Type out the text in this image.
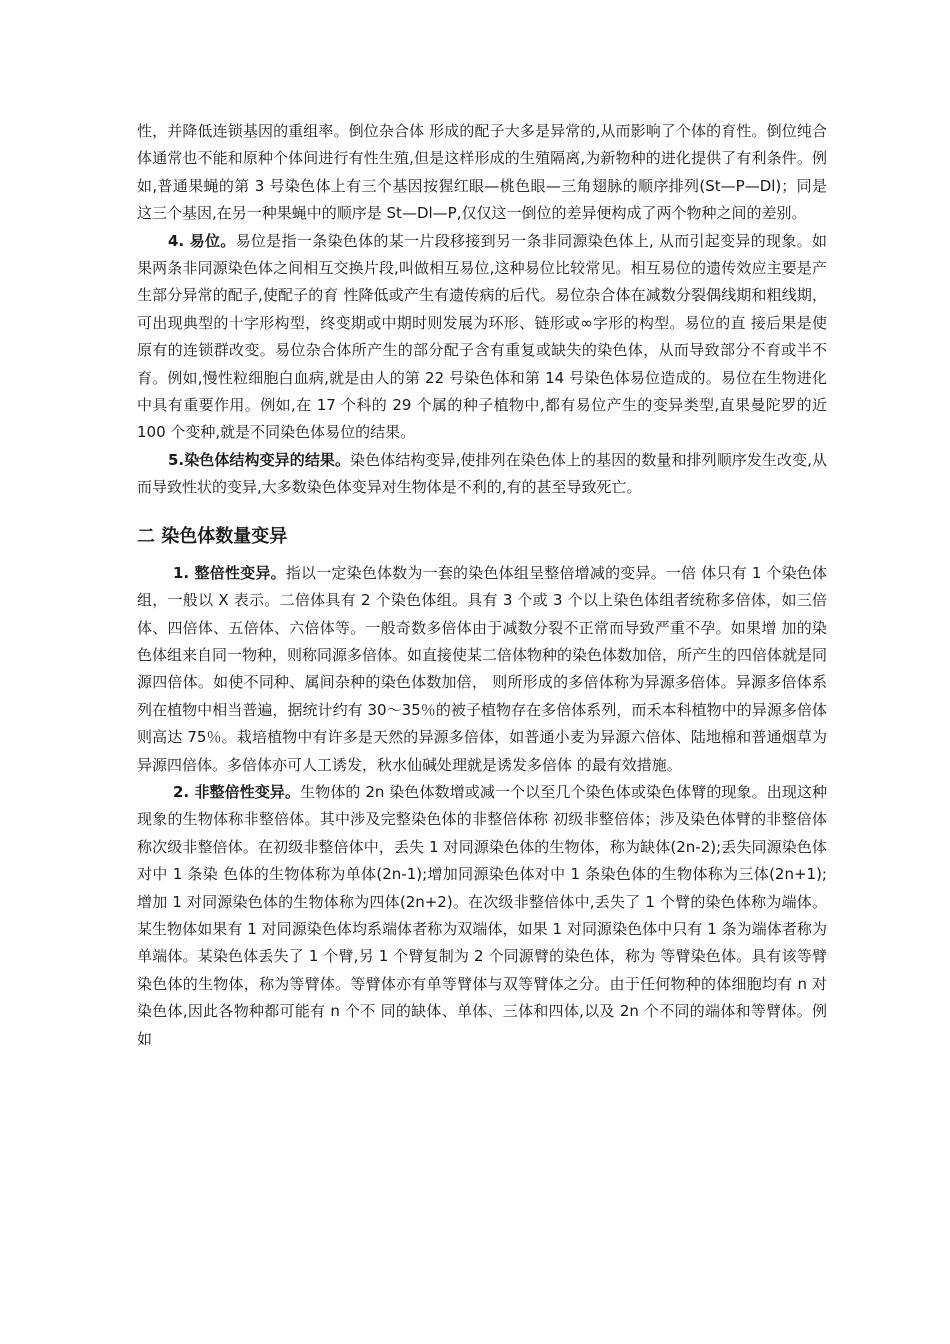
性，并降低连锁基因的重组率。倒位杂合体 形成的配子大多是异常的,从而影响了个体的育性。倒位纯合体通常也不能和原种个体间进行有性生殖,但是这样形成的生殖隔离,为新物种的进化提供了有利条件。例如,普通果蝇的第 3 号染色体上有三个基因按猩红眼—桃色眼—三角翅脉的顺序排列(St—P—Dl)；同是这三个基因,在另一种果蝇中的顺序是 St—Dl—P,仅仅这一倒位的差异便构成了两个物种之间的差别。

4. 易位。易位是指一条染色体的某一片段移接到另一条非同源染色体上, 从而引起变异的现象。如果两条非同源染色体之间相互交换片段,叫做相互易位,这种易位比较常见。相互易位的遗传效应主要是产生部分异常的配子,使配子的育 性降低或产生有遗传病的后代。易位杂合体在减数分裂偶线期和粗线期，可出现典型的十字形构型，终变期或中期时则发展为环形、链形或∞字形的构型。易位的直 接后果是使原有的连锁群改变。易位杂合体所产生的部分配子含有重复或缺失的染色体，从而导致部分不育或半不育。例如,慢性粒细胞白血病,就是由人的第 22 号染色体和第 14 号染色体易位造成的。易位在生物进化中具有重要作用。例如,在 17 个科的 29 个属的种子植物中,都有易位产生的变异类型,直果曼陀罗的近 100 个变种,就是不同染色体易位的结果。

5.染色体结构变异的结果。染色体结构变异,使排列在染色体上的基因的数量和排列顺序发生改变,从而导致性状的变异,大多数染色体变异对生物体是不利的,有的甚至导致死亡。

二 染色体数量变异

1. 整倍性变异。指以一定染色体数为一套的染色体组呈整倍增减的变异。一倍 体只有 1 个染色体组，一般以 X 表示。二倍体具有 2 个染色体组。具有 3 个或 3 个以上染色体组者统称多倍体，如三倍体、四倍体、五倍体、六倍体等。一般奇数多倍体由于减数分裂不正常而导致严重不孕。如果增 加的染色体组来自同一物种，则称同源多倍体。如直接使某二倍体物种的染色体数加倍，所产生的四倍体就是同源四倍体。如使不同种、属间杂种的染色体数加倍， 则所形成的多倍体称为异源多倍体。异源多倍体系列在植物中相当普遍，据统计约有 30～35％的被子植物存在多倍体系列，而禾本科植物中的异源多倍体则高达 75％。栽培植物中有许多是天然的异源多倍体，如普通小麦为异源六倍体、陆地棉和普通烟草为异源四倍体。多倍体亦可人工诱发，秋水仙碱处理就是诱发多倍体 的最有效措施。

2. 非整倍性变异。生物体的 2n 染色体数增或减一个以至几个染色体或染色体臂的现象。出现这种现象的生物体称非整倍体。其中涉及完整染色体的非整倍体称 初级非整倍体；涉及染色体臂的非整倍体称次级非整倍体。在初级非整倍体中，丢失 1 对同源染色体的生物体，称为缺体(2n-2);丢失同源染色体对中 1 条染 色体的生物体称为单体(2n-1);增加同源染色体对中 1 条染色体的生物体称为三体(2n+1);增加 1 对同源染色体的生物体称为四体(2n+2)。在次级非整倍体中,丢失了 1 个臂的染色体称为端体。某生物体如果有 1 对同源染色体均系端体者称为双端体，如果 1 对同源染色体中只有 1 条为端体者称为单端体。某染色体丢失了 1 个臂,另 1 个臂复制为 2 个同源臂的染色体，称为 等臂染色体。具有该等臂染色体的生物体，称为等臂体。等臂体亦有单等臂体与双等臂体之分。由于任何物种的体细胞均有 n 对染色体,因此各物种都可能有 n 个不 同的缺体、单体、三体和四体,以及 2n 个不同的端体和等臂体。例如
